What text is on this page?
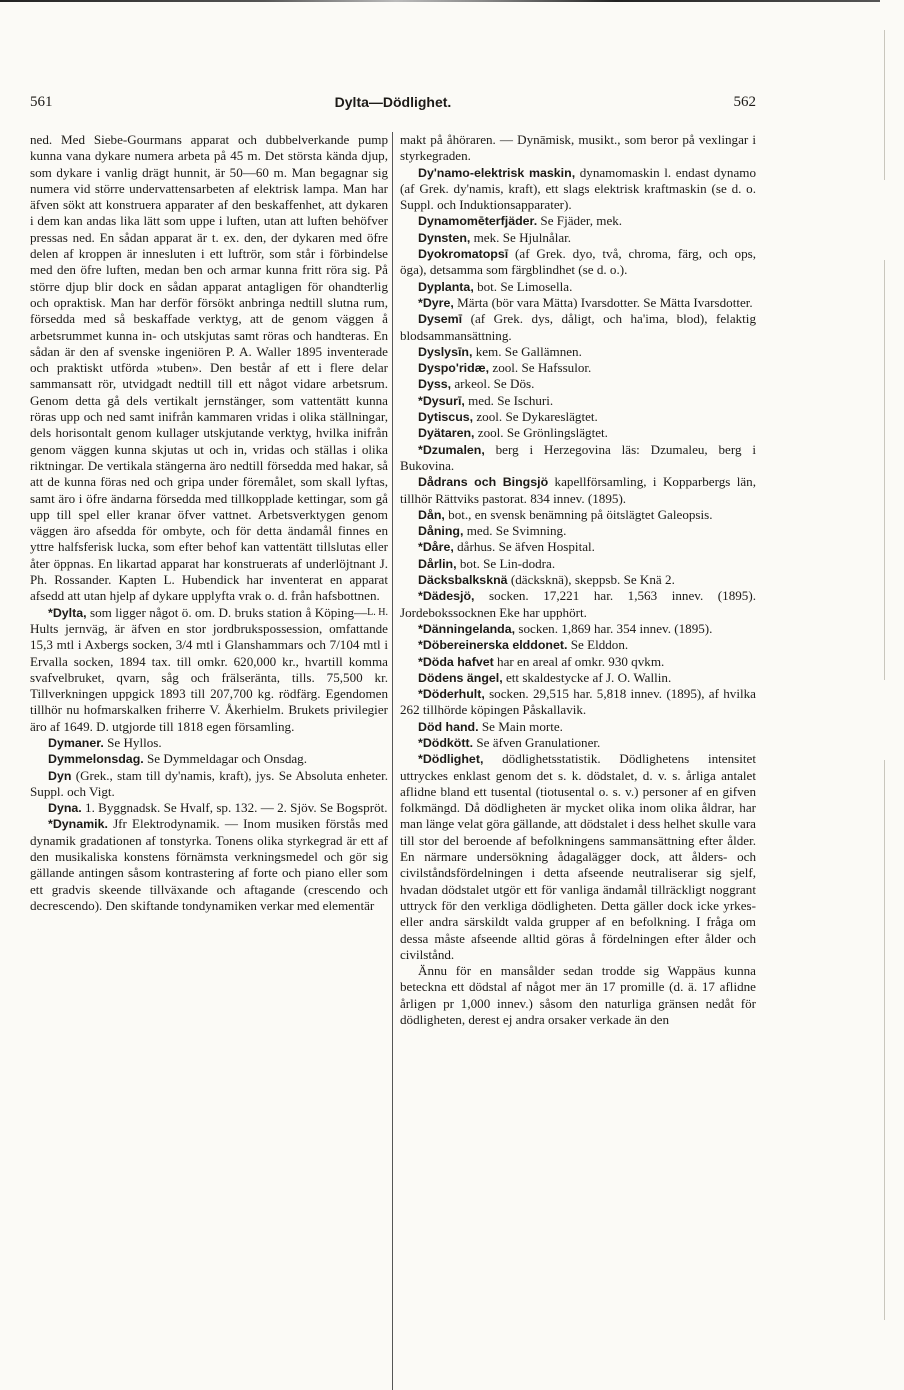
561	Dylta—Dödlighet.	562

ned. Med Siebe-Gourmans apparat och dubbelverkande pump kunna vana dykare numera arbeta på 45 m. Det största kända djup, som dykare i vanlig drägt hunnit, är 50—60 m. Man begagnar sig numera vid större undervattensarbeten af elektrisk lampa. Man har äfven sökt att konstruera apparater af den beskaffenhet, att dykaren i dem kan andas lika lätt som uppe i luften, utan att luften behöfver pressas ned. En sådan apparat är t. ex. den, der dykaren med öfre delen af kroppen är innesluten i ett luftrör, som står i förbindelse med den öfre luften, medan ben och armar kunna fritt röra sig. På större djup blir dock en sådan apparat antagligen för ohandterlig och opraktisk. Man har derför försökt anbringa nedtill slutna rum, försedda med så beskaffade verktyg, att de genom väggen å arbetsrummet kunna in- och utskjutas samt röras och handteras. En sådan är den af svenske ingeniören P. A. Waller 1895 inventerade och praktiskt utförda »tuben». Den består af ett i flere delar sammansatt rör, utvidgadt nedtill till ett något vidare arbetsrum. Genom detta gå dels vertikalt jernstänger, som vattentätt kunna röras upp och ned samt inifrån kammaren vridas i olika ställningar, dels horisontalt genom kullager utskjutande verktyg, hvilka inifrån genom väggen kunna skjutas ut och in, vridas och ställas i olika riktningar. De vertikala stängerna äro nedtill försedda med hakar, så att de kunna föras ned och gripa under föremålet, som skall lyftas, samt äro i öfre ändarna försedda med tillkopplade kettingar, som gå upp till spel eller kranar öfver vattnet. Arbetsverktygen genom väggen äro afsedda för ombyte, och för detta ändamål finnes en yttre halfsferisk lucka, som efter behof kan vattentätt tillslutas eller åter öppnas. En likartad apparat har konstruerats af underlöjtnant J. Ph. Rossander. Kapten L. Hubendick har inventerat en apparat afsedd att utan hjelp af dykare upplyfta vrak o. d. från hafsbottnen.
L. H.

*Dylta, som ligger något ö. om. D. bruks station å Köping—Hults jernväg, är äfven en stor jordbrukspossession, omfattande 15,3 mtl i Axbergs socken, 3/4 mtl i Glanshammars och 7/104 mtl i Ervalla socken, 1894 tax. till omkr. 620,000 kr., hvartill komma svafvelbruket, qvarn, såg och frälseränta, tills. 75,500 kr. Tillverkningen uppgick 1893 till 207,700 kg. rödfärg. Egendomen tillhör nu hofmarskalken friherre V. Åkerhielm. Brukets privilegier äro af 1649. D. utgjorde till 1818 egen församling.

Dymaner. Se Hyllos.

Dymmelonsdag. Se Dymmeldagar och Onsdag.

Dyn (Grek., stam till dy'namis, kraft), jys. Se Absoluta enheter. Suppl. och Vigt.

Dyna. 1. Byggnadsk. Se Hvalf, sp. 132. — 2. Sjöv. Se Bogspröt.

*Dynamik. Jfr Elektrodynamik. — Inom musiken förstås med dynamik gradationen af tonstyrka. Tonens olika styrkegrad är ett af den musikaliska konstens förnämsta verkningsmedel och gör sig gällande antingen såsom kontrastering af forte och piano eller som ett gradvis skeende tillväxande och aftagande (crescendo och decrescendo). Den skiftande tondynamiken verkar med elementär

makt på åhöraren. — Dynāmisk, musikt., som beror på vexlingar i styrkegraden.

Dy'namo-elektrisk maskin, dynamomaskin l. endast dynamo (af Grek. dy'namis, kraft), ett slags elektrisk kraftmaskin (se d. o. Suppl. och Induktionsapparater).

Dynamomēterfjäder. Se Fjäder, mek.

Dynsten, mek. Se Hjulnålar.

Dyokromatopsī (af Grek. dyo, två, chroma, färg, och ops, öga), detsamma som färgblindhet (se d. o.).

Dyplanta, bot. Se Limosella.

*Dyre, Märta (bör vara Mätta) Ivarsdotter. Se Mätta Ivarsdotter.

Dysemī (af Grek. dys, dåligt, och ha'ima, blod), felaktig blodsammansättning.

Dyslysīn, kem. Se Gallämnen.

Dyspo'ridæ, zool. Se Hafssulor.

Dyss, arkeol. Se Dös.

*Dysurī, med. Se Ischuri.

Dytiscus, zool. Se Dykareslägtet.

Dyätaren, zool. Se Grönlingslägtet.

*Dzumalen, berg i Herzegovina läs: Dzumaleu, berg i Bukovina.

Dådrans och Bingsjö kapellförsamling, i Kopparbergs län, tillhör Rättviks pastorat. 834 innev. (1895).

Dån, bot., en svensk benämning på öitslägtet Galeopsis.

Dåning, med. Se Svimning.

*Dåre, dårhus. Se äfven Hospital.

Dårlin, bot. Se Lin-dodra.

Däcksbalksknä (däcksknä), skeppsb. Se Knä 2.

*Dädesjö, socken. 17,221 har. 1,563 innev. (1895). Jordebokssocknen Eke har upphört.

*Dänningelanda, socken. 1,869 har. 354 innev. (1895).

*Döbereinerska elddonet. Se Elddon.

*Döda hafvet har en areal af omkr. 930 qvkm.

Dödens ängel, ett skaldestycke af J. O. Wallin.

*Döderhult, socken. 29,515 har. 5,818 innev. (1895), af hvilka 262 tillhörde köpingen Påskallavik.

Död hand. Se Main morte.

*Dödkött. Se äfven Granulationer.

*Dödlighet, dödlighetsstatistik. Dödlighetens intensitet uttryckes enklast genom det s. k. dödstalet, d. v. s. årliga antalet aflidne bland ett tusental (tiotusental o. s. v.) personer af en gifven folkmängd. Då dödligheten är mycket olika inom olika åldrar, har man länge velat göra gällande, att dödstalet i dess helhet skulle vara till stor del beroende af befolkningens sammansättning efter ålder. En närmare undersökning ådagalägger dock, att ålders- och civilståndsfördelningen i detta afseende neutraliserar sig sjelf, hvadan dödstalet utgör ett för vanliga ändamål tillräckligt noggrant uttryck för den verkliga dödligheten. Detta gäller dock icke yrkes- eller andra särskildt valda grupper af en befolkning. I fråga om dessa måste afseende alltid göras å fördelningen efter ålder och civilstånd.

Ännu för en mansålder sedan trodde sig Wappäus kunna beteckna ett dödstal af något mer än 17 promille (d. ä. 17 aflidne årligen pr 1,000 innev.) såsom den naturliga gränsen nedåt för dödligheten, derest ej andra orsaker verkade än den
